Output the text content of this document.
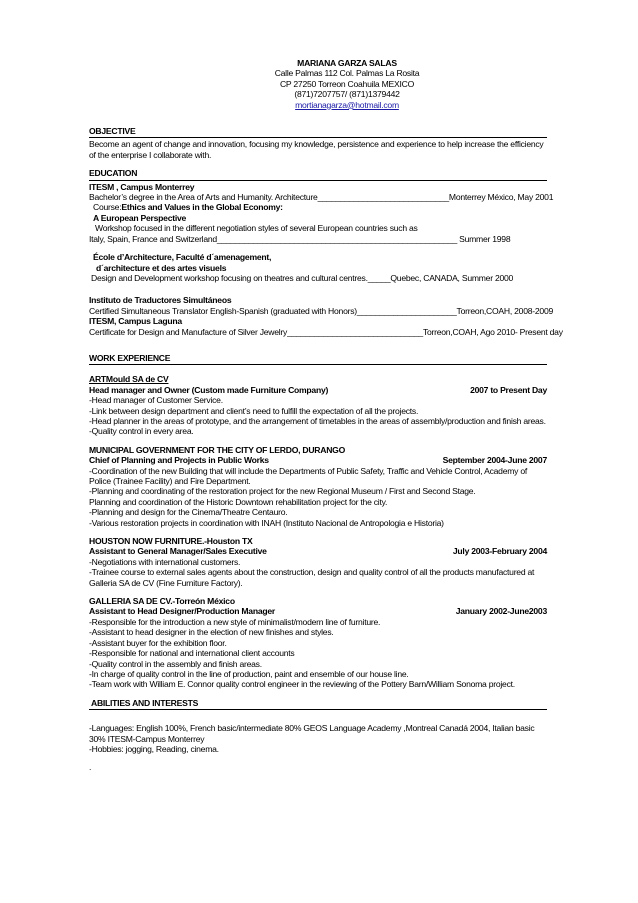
MARIANA GARZA SALAS
Calle Palmas 112 Col. Palmas La Rosita
CP 27250 Torreon Coahuila MEXICO
(871)7207757/ (871)1379442
mortianagarza@hotmail.com
OBJECTIVE
Become an agent of change and innovation, focusing my knowledge, persistence and experience to help increase the efficiency
of the enterprise I collaborate with.
EDUCATION
ITESM , Campus Monterrey
Bachelor’s degree in the Area of Arts and Humanity. Architecture_____________________________Monterrey México, May 2001
Course:Ethics and Values in the Global Economy:
A European Perspective
Workshop focused in the different negotiation styles of several European countries such as
Italy, Spain, France and Switzerland_____________________________________________________ Summer 1998
École d’Architecture, Faculté d´amenagement,
d´architecture et des artes visuels
Design and Development workshop focusing on theatres and cultural centres._____Quebec, CANADA, Summer 2000
Instituto de Traductores Simultáneos
Certified Simultaneous Translator English-Spanish (graduated with Honors)______________________Torreon,COAH, 2008-2009
ITESM, Campus Laguna
Certificate for Design and Manufacture of Silver Jewelry______________________________Torreon,COAH, Ago 2010- Present day
WORK EXPERIENCE
ARTMould SA de CV
Head manager and Owner (Custom made Furniture Company)	2007 to Present Day
-Head manager of Customer Service.
-Link between design department and client’s need to fulfill the expectation of all the projects.
-Head planner in the areas of prototype, and the arrangement of timetables in the areas of assembly/production and finish areas.
-Quality control in every area.
MUNICIPAL GOVERNMENT FOR THE CITY OF LERDO, DURANGO
Chief of Planning and Projects in Public Works	September 2004-June 2007
-Coordination of the new Building that will include the Departments of Public Safety, Traffic and Vehicle Control, Academy of
Police (Trainee Facility) and Fire Department.
-Planning and coordinating of the restoration project for the new Regional Museum / First and Second Stage.
Planning and coordination of the Historic Downtown rehabilitation project for the city.
-Planning and design for the Cinema/Theatre Centauro.
-Various restoration projects in coordination with INAH (Instituto Nacional de Antropologia e Historia)
HOUSTON NOW FURNITURE.-Houston TX
Assistant to General Manager/Sales Executive	July 2003-February 2004
-Negotiations with international customers.
-Trainee course to external sales agents about the construction, design and quality control of all the products manufactured at
Galleria SA de CV (Fine Furniture Factory).
GALLERIA SA DE CV.-Torreón México
Assistant to Head Designer/Production Manager	January 2002-June2003
-Responsible for the introduction a new style of minimalist/modern line of furniture.
-Assistant to head designer in the election of new finishes and styles.
-Assistant buyer for the exhibition floor.
-Responsible for national and international client accounts
-Quality control in the assembly and finish areas.
-In charge of quality control in the line of production, paint and ensemble of our house line.
-Team work with William E. Connor quality control engineer in the reviewing of the Pottery Barn/William Sonoma project.
ABILITIES AND INTERESTS
-Languages: English 100%, French basic/intermediate 80% GEOS Language Academy ,Montreal Canadá 2004, Italian basic
30% ITESM-Campus Monterrey
-Hobbies: jogging, Reading, cinema.
.
